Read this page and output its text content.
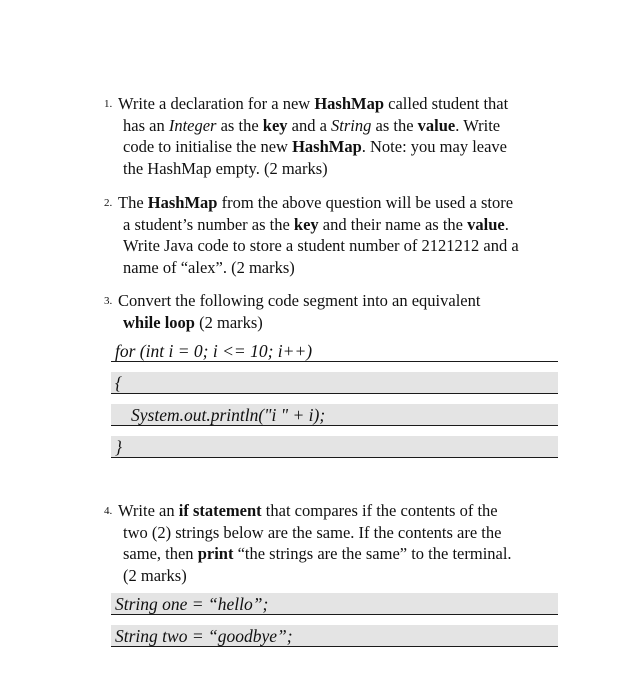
1. Write a declaration for a new HashMap called student that
has an Integer as the key and a String as the value. Write
code to initialise the new HashMap. Note: you may leave
the HashMap empty. (2 marks)
2. The HashMap from the above question will be used a store
a student’s number as the key and their name as the value.
Write Java code to store a student number of 2121212 and a
name of “alex”. (2 marks)
3. Convert the following code segment into an equivalent
while loop (2 marks)
for (int i = 0; i <= 10; i++)
{
System.out.println("i " + i);
}
4. Write an if statement that compares if the contents of the
two (2) strings below are the same. If the contents are the
same, then print “the strings are the same” to the terminal.
(2 marks)
String one = “hello”;
String two = “goodbye”;
